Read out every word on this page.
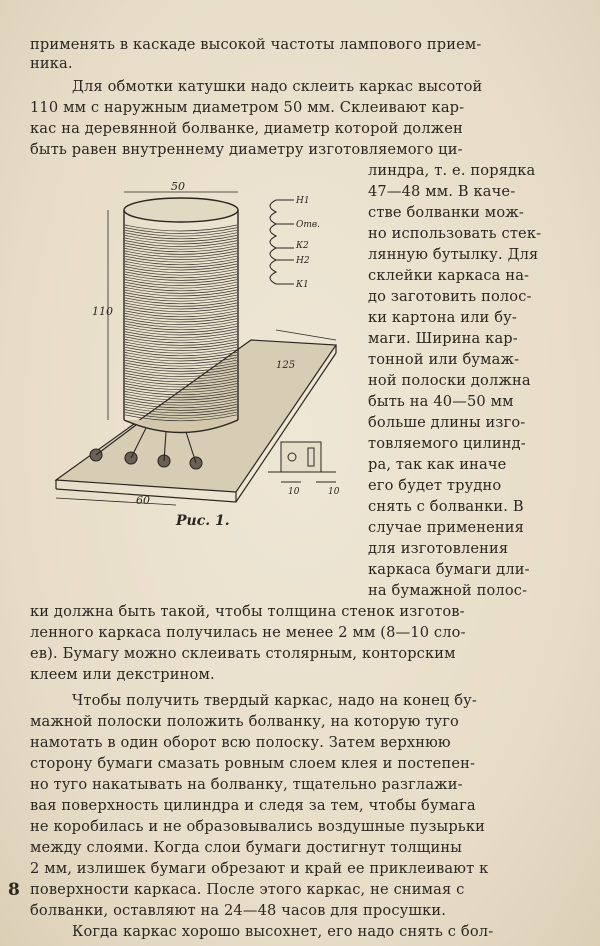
применять в каскаде высокой частоты лампового прием-
ника.
Для обмотки катушки надо склеить каркас высотой
110 мм с наружным диаметром 50 мм. Склеивают кар-
кас на деревянной болванке, диаметр которой должен
быть равен внутреннему диаметру изготовляемого ци-
линдра, т. е. порядка
47—48 мм. В каче-
стве болванки мож-
но использовать стек-
лянную бутылку. Для
склейки каркаса на-
до заготовить полос-
ки картона или бу-
маги. Ширина кар-
тонной или бумаж-
ной полоски должна
быть на 40—50 мм
больше длины изго-
товляемого цилинд-
ра, так как иначе
его будет трудно
снять с болванки. В
случае применения
для изготовления
каркаса бумаги дли-
на бумажной полос-
50
110
125
60
Н1
Отв.
К2
Н2
К1
10	10
Рис. 1.
ки должна быть такой, чтобы толщина стенок изготов-
ленного каркаса получилась не менее 2 мм (8—10 сло-
ев). Бумагу можно склеивать столярным, конторским
клеем или декстрином.
Чтобы получить твердый каркас, надо на конец бу-
мажной полоски положить болванку, на которую туго
намотать в один оборот всю полоску. Затем верхнюю
сторону бумаги смазать ровным слоем клея и постепен-
но туго накатывать на болванку, тщательно разглажи-
вая поверхность цилиндра и следя за тем, чтобы бумага
не коробилась и не образовывались воздушные пузырьки
между слоями. Когда слои бумаги достигнут толщины
2 мм, излишек бумаги обрезают и край ее приклеивают к
поверхности каркаса. После этого каркас, не снимая с
болванки, оставляют на 24—48 часов для просушки.
Когда каркас хорошо высохнет, его надо снять с бол-
8
